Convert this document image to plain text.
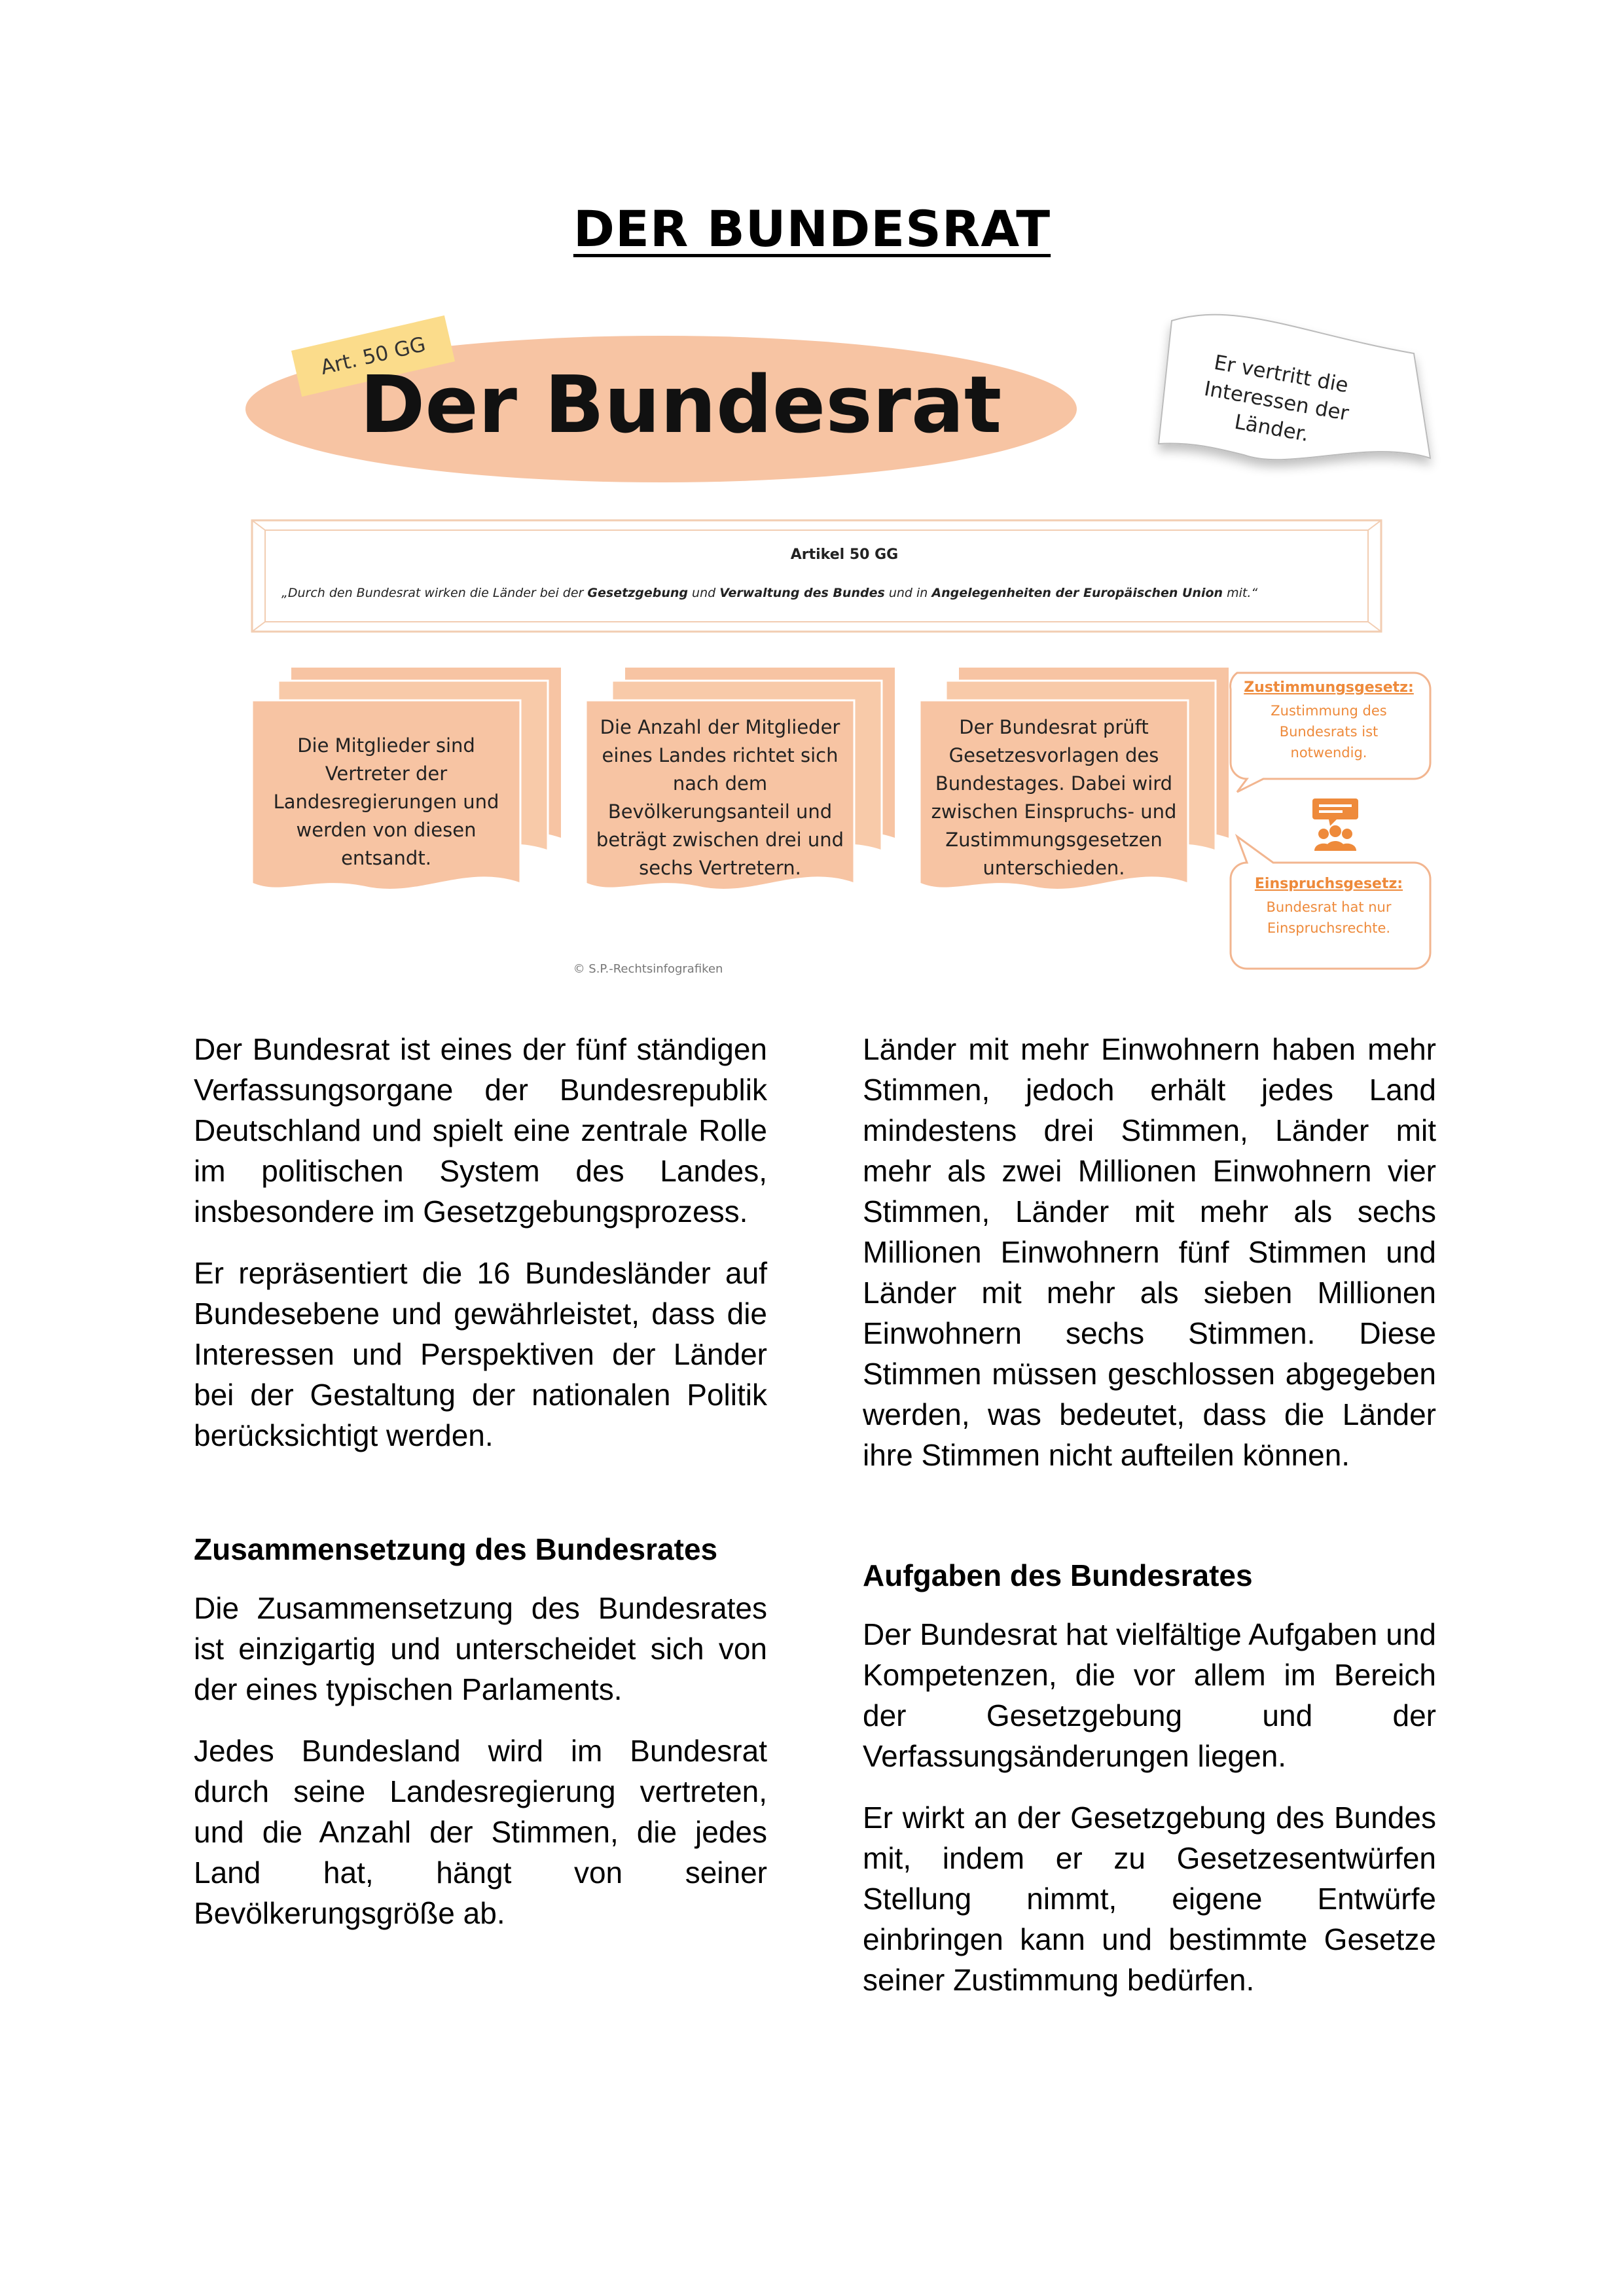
DER BUNDESRAT
Art. 50 GG
Der Bundesrat	Er vertritt die Interessen der Länder.
Artikel 50 GG
„Durch den Bundesrat wirken die Länder bei der Gesetzgebung und Verwaltung des Bundes und in Angelegenheiten der Europäischen Union mit.“
Die Mitglieder sind Vertreter der Landesregierungen und werden von diesen entsandt.
Die Anzahl der Mitglieder eines Landes richtet sich nach dem Bevölkerungsanteil und beträgt zwischen drei und sechs Vertretern.
Der Bundesrat prüft Gesetzesvorlagen des Bundestages. Dabei wird zwischen Einspruchs- und Zustimmungsgesetzen unterschieden.
Zustimmungsgesetz:
Zustimmung des Bundesrats ist notwendig.
Einspruchsgesetz:
Bundesrat hat nur Einspruchsrechte.
© S.P.-Rechtsinfografiken

Der Bundesrat ist eines der fünf ständigen Verfassungsorgane der Bundesrepublik Deutschland und spielt eine zentrale Rolle im politischen System des Landes, insbesondere im Gesetzgebungsprozess.

Er repräsentiert die 16 Bundesländer auf Bundesebene und gewährleistet, dass die Interessen und Perspektiven der Länder bei der Gestaltung der nationalen Politik berücksichtigt werden.

Zusammensetzung des Bundesrates

Die Zusammensetzung des Bundesrates ist einzigartig und unterscheidet sich von der eines typischen Parlaments.

Jedes Bundesland wird im Bundesrat durch seine Landesregierung vertreten, und die Anzahl der Stimmen, die jedes Land hat, hängt von seiner Bevölkerungsgröße ab.

Länder mit mehr Einwohnern haben mehr Stimmen, jedoch erhält jedes Land mindestens drei Stimmen, Länder mit mehr als zwei Millionen Einwohnern vier Stimmen, Länder mit mehr als sechs Millionen Einwohnern fünf Stimmen und Länder mit mehr als sieben Millionen Einwohnern sechs Stimmen. Diese Stimmen müssen geschlossen abgegeben werden, was bedeutet, dass die Länder ihre Stimmen nicht aufteilen können.

Aufgaben des Bundesrates

Der Bundesrat hat vielfältige Aufgaben und Kompetenzen, die vor allem im Bereich der Gesetzgebung und der Verfassungsänderungen liegen.

Er wirkt an der Gesetzgebung des Bundes mit, indem er zu Gesetzesentwürfen Stellung nimmt, eigene Entwürfe einbringen kann und bestimmte Gesetze seiner Zustimmung bedürfen.
